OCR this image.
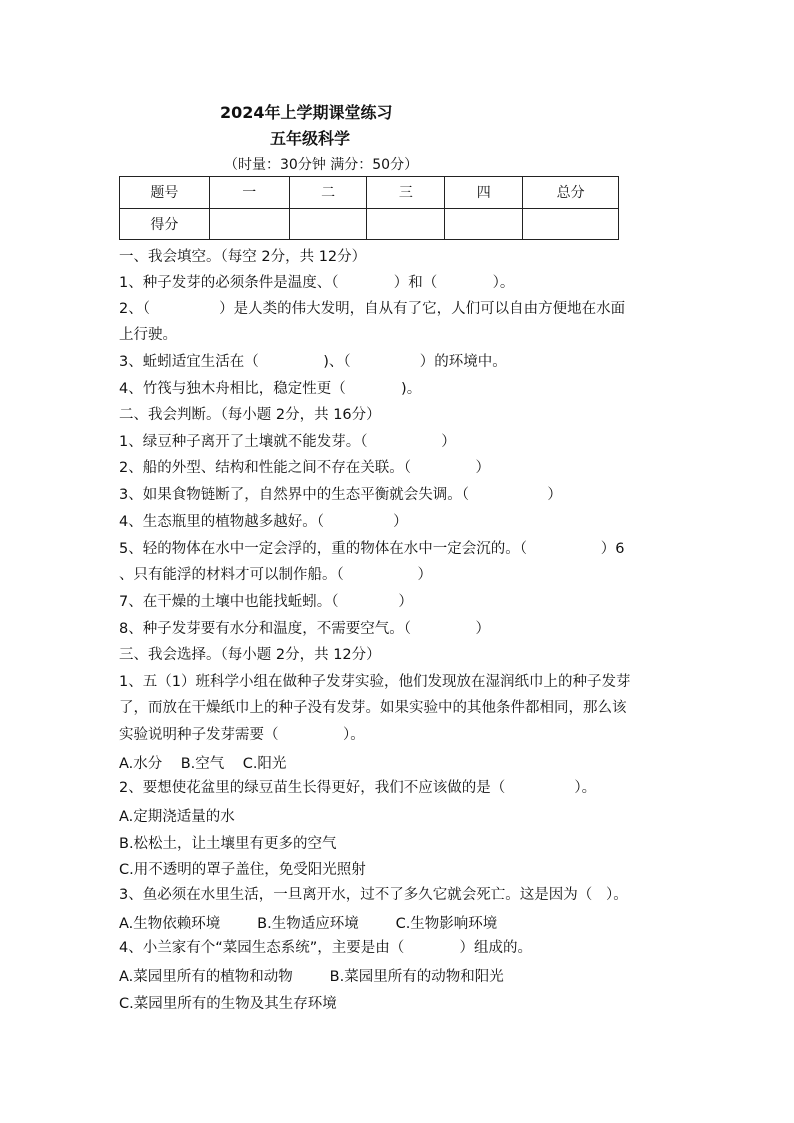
2024年上学期课堂练习
五年级科学
（时量：30分钟 满分：50分）
题号	一	二	三	四	总分
得分					
一、我会填空。（每空 2分，共 12分）
1、种子发芽的必须条件是温度、（            ）和（            ）。
2、（               ）是人类的伟大发明，自从有了它，人们可以自由方便地在水面
上行驶。
3、蚯蚓适宜生活在（              )、（               ）的环境中。
4、竹筏与独木舟相比，稳定性更（            )。
二、我会判断。（每小题 2分，共 16分）
1、绿豆种子离开了土壤就不能发芽。（                ）
2、船的外型、结构和性能之间不存在关联。（              ）
3、如果食物链断了，自然界中的生态平衡就会失调。（                 ）
4、生态瓶里的植物越多越好。（               ）
5、轻的物体在水中一定会浮的，重的物体在水中一定会沉的。（                ）6
、只有能浮的材料才可以制作船。（                ）
7、在干燥的土壤中也能找蚯蚓。（             ）
8、种子发芽要有水分和温度，不需要空气。（              ）
三、我会选择。（每小题 2分，共 12分）
1、五（1）班科学小组在做种子发芽实验，他们发现放在湿润纸巾上的种子发芽
了，而放在干燥纸巾上的种子没有发芽。如果实验中的其他条件都相同，那么该
实验说明种子发芽需要（              ）。
A.水分    B.空气    C.阳光
2、要想使花盆里的绿豆苗生长得更好，我们不应该做的是（               ）。
A.定期浇适量的水
B.松松土，让土壤里有更多的空气
C.用不透明的罩子盖住，免受阳光照射
3、鱼必须在水里生活，一旦离开水，过不了多久它就会死亡。这是因为（   ）。
A.生物依赖环境        B.生物适应环境        C.生物影响环境
4、小兰家有个“菜园生态系统”，主要是由（            ）组成的。
A.菜园里所有的植物和动物        B.菜园里所有的动物和阳光
C.菜园里所有的生物及其生存环境
